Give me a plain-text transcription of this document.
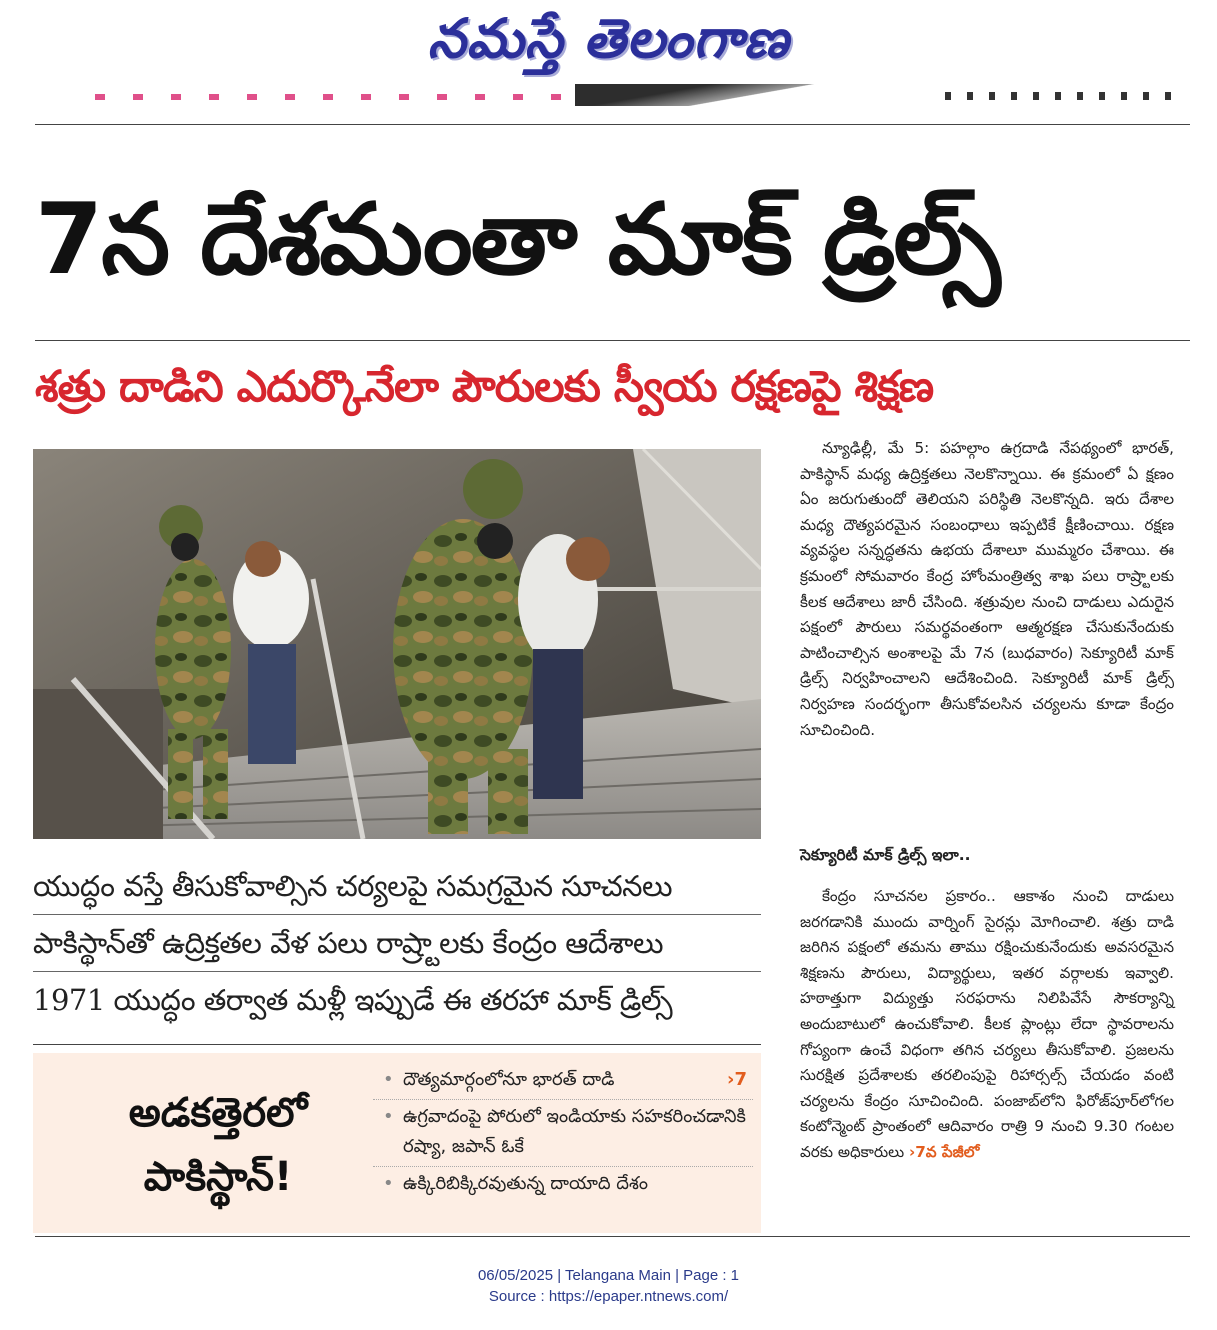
నమస్తే తెలంగాణ
7న దేశమంతా మాక్ డ్రిల్స్
శత్రు దాడిని ఎదుర్కొనేలా పౌరులకు స్వీయ రక్షణపై శిక్షణ

న్యూఢిల్లీ, మే 5: పహల్గాం ఉగ్రదాడి నేపథ్యంలో భారత్, పాకిస్థాన్ మధ్య ఉద్రిక్తతలు నెలకొన్నాయి. ఈ క్రమంలో ఏ క్షణం ఏం జరుగుతుందో తెలియని పరిస్థితి నెలకొన్నది. ఇరు దేశాల మధ్య దౌత్యపరమైన సంబంధాలు ఇప్పటికే క్షీణించాయి. రక్షణ వ్యవస్థల సన్నద్ధతను ఉభయ దేశాలూ ముమ్మరం చేశాయి. ఈ క్రమంలో సోమవారం కేంద్ర హోంమంత్రిత్వ శాఖ పలు రాష్ర్టాలకు కీలక ఆదేశాలు జారీ చేసింది. శత్రువుల నుంచి దాడులు ఎదురైన పక్షంలో పౌరులు సమర్థవంతంగా ఆత్మరక్షణ చేసుకునేందుకు పాటించాల్సిన అంశాలపై మే 7న (బుధవారం) సెక్యూరిటీ మాక్ డ్రిల్స్ నిర్వహించాలని ఆదేశించింది. సెక్యూరిటీ మాక్ డ్రిల్స్ నిర్వహణ సందర్భంగా తీసుకోవలసిన చర్యలను కూడా కేంద్రం సూచించింది.

సెక్యూరిటీ మాక్ డ్రిల్స్ ఇలా..

కేంద్రం సూచనల ప్రకారం.. ఆకాశం నుంచి దాడులు జరగడానికి ముందు వార్నింగ్ సైరన్లు మోగించాలి. శత్రు దాడి జరిగిన పక్షంలో తమను తాము రక్షించుకునేందుకు అవసరమైన శిక్షణను పౌరులు, విద్యార్థులు, ఇతర వర్గాలకు ఇవ్వాలి. హఠాత్తుగా విద్యుత్తు సరఫరాను నిలిపివేసే సౌకర్యాన్ని అందుబాటులో ఉంచుకోవాలి. కీలక ప్లాంట్లు లేదా స్థావరాలను గోప్యంగా ఉంచే విధంగా తగిన చర్యలు తీసుకోవాలి. ప్రజలను సురక్షిత ప్రదేశాలకు తరలింపుపై రిహార్సల్స్ చేయడం వంటి చర్యలను కేంద్రం సూచించింది. పంజాబ్‌లోని ఫిరోజ్‌పూర్‌లోగల కంటోన్మెంట్ ప్రాంతంలో ఆదివారం రాత్రి 9 నుంచి 9.30 గంటల వరకు అధికారులు ›7వ పేజీలో

యుద్ధం వస్తే తీసుకోవాల్సిన చర్యలపై సమగ్రమైన సూచనలు
పాకిస్థాన్‌తో ఉద్రిక్తతల వేళ పలు రాష్ర్టాలకు కేంద్రం ఆదేశాలు
1971 యుద్ధం తర్వాత మళ్లీ ఇప్పుడే ఈ తరహా మాక్ డ్రిల్స్
అడకత్తెరలో
పాకిస్థాన్!
• దౌత్యమార్గంలోనూ భారత్ దాడి	›7
• ఉగ్రవాదంపై పోరులో ఇండియాకు సహకరించడానికి రష్యా, జపాన్ ఓకే
• ఉక్కిరిబిక్కిరవుతున్న దాయాది దేశం
06/05/2025 | Telangana Main | Page : 1
Source : https://epaper.ntnews.com/
